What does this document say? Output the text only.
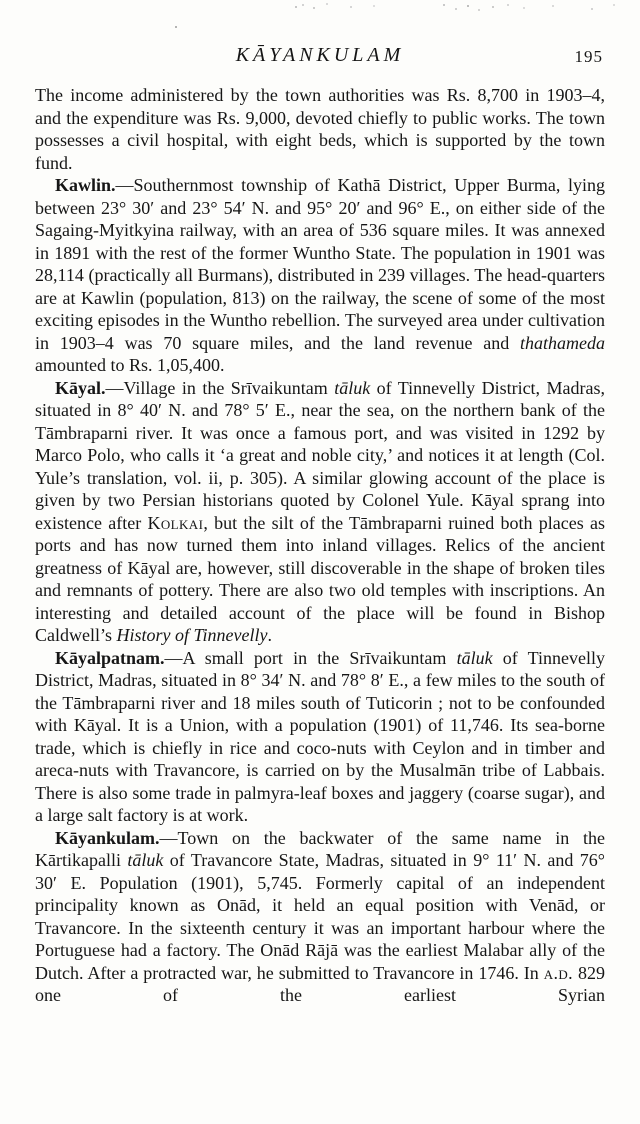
KĀYANKULAM	195

The income administered by the town authorities was Rs. 8,700 in 1903–4, and the expenditure was Rs. 9,000, devoted chiefly to public works. The town possesses a civil hospital, with eight beds, which is supported by the town fund.

Kawlin.—Southernmost township of Kathā District, Upper Burma, lying between 23° 30′ and 23° 54′ N. and 95° 20′ and 96° E., on either side of the Sagaing-Myitkyina railway, with an area of 536 square miles. It was annexed in 1891 with the rest of the former Wuntho State. The population in 1901 was 28,114 (practically all Burmans), distributed in 239 villages. The head-quarters are at Kawlin (population, 813) on the railway, the scene of some of the most exciting episodes in the Wuntho rebellion. The surveyed area under cultivation in 1903–4 was 70 square miles, and the land revenue and thathameda amounted to Rs. 1,05,400.

Kāyal.—Village in the Srīvaikuntam tāluk of Tinnevelly District, Madras, situated in 8° 40′ N. and 78° 5′ E., near the sea, on the northern bank of the Tāmbraparni river. It was once a famous port, and was visited in 1292 by Marco Polo, who calls it ‘a great and noble city,’ and notices it at length (Col. Yule’s translation, vol. ii, p. 305). A similar glowing account of the place is given by two Persian historians quoted by Colonel Yule. Kāyal sprang into existence after Kolkai, but the silt of the Tāmbraparni ruined both places as ports and has now turned them into inland villages. Relics of the ancient greatness of Kāyal are, however, still discoverable in the shape of broken tiles and remnants of pottery. There are also two old temples with inscriptions. An interesting and detailed account of the place will be found in Bishop Caldwell’s History of Tinnevelly.

Kāyalpatnam.—A small port in the Srīvaikuntam tāluk of Tinnevelly District, Madras, situated in 8° 34′ N. and 78° 8′ E., a few miles to the south of the Tāmbraparni river and 18 miles south of Tuticorin ; not to be confounded with Kāyal. It is a Union, with a population (1901) of 11,746. Its sea-borne trade, which is chiefly in rice and coco-nuts with Ceylon and in timber and areca-nuts with Travancore, is carried on by the Musalmān tribe of Labbais. There is also some trade in palmyra-leaf boxes and jaggery (coarse sugar), and a large salt factory is at work.

Kāyankulam.—Town on the backwater of the same name in the Kārtikapalli tāluk of Travancore State, Madras, situated in 9° 11′ N. and 76° 30′ E. Population (1901), 5,745. Formerly capital of an independent principality known as Onād, it held an equal position with Venād, or Travancore. In the sixteenth century it was an important harbour where the Portuguese had a factory. The Onād Rājā was the earliest Malabar ally of the Dutch. After a protracted war, he submitted to Travancore in 1746. In a.d. 829 one of the earliest Syrian
